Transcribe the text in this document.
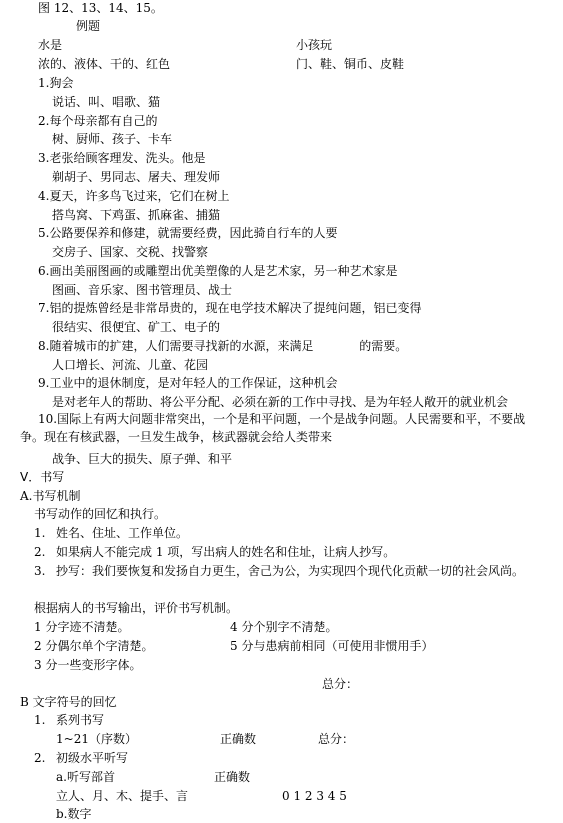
图 12、13、14、15。
例题
水是	小孩玩
浓的、液体、干的、红色	门、鞋、铜币、皮鞋
1.狗会
说话、叫、唱歌、猫
2.每个母亲都有自己的
树、厨师、孩子、卡车
3.老张给顾客理发、洗头。他是
剃胡子、男同志、屠夫、理发师
4.夏天，许多鸟飞过来，它们在树上
搭鸟窝、下鸡蛋、抓麻雀、捕猫
5.公路要保养和修建，就需要经费，因此骑自行车的人要
交房子、国家、交税、找警察
6.画出美丽图画的或雕塑出优美塑像的人是艺术家，另一种艺术家是
图画、音乐家、图书管理员、战士
7.铝的提炼曾经是非常昂贵的，现在电学技术解决了提纯问题，铝已变得
很结实、很便宜、矿工、电子的
8.随着城市的扩建，人们需要寻找新的水源，来满足            的需要。
人口增长、河流、儿童、花园
9.工业中的退休制度，是对年轻人的工作保证，这种机会
是对老年人的帮助、将公平分配、必须在新的工作中寻找、是为年轻人敞开的就业机会
10.国际上有两大问题非常突出，一个是和平问题，一个是战争问题。人民需要和平，不要战争。现在有核武器，一旦发生战争，核武器就会给人类带来
战争、巨大的损失、原子弹、和平
V．书写
A.书写机制
书写动作的回忆和执行。
1. 姓名、住址、工作单位。
2. 如果病人不能完成 1 项，写出病人的姓名和住址，让病人抄写。
3. 抄写：我们要恢复和发扬自力更生，舍己为公，为实现四个现代化贡献一切的社会风尚。
根据病人的书写输出，评价书写机制。
1 分字迹不清楚。	4 分个别字不清楚。
2 分偶尔单个字清楚。	5 分与患病前相同（可使用非惯用手）
3 分一些变形字体。
总分：
B 文字符号的回忆
1. 系列书写
1~21（序数）	正确数	总分：
2. 初级水平听写
a.听写部首	正确数
立人、月、木、提手、言	0 1 2 3 4 5
b.数字
